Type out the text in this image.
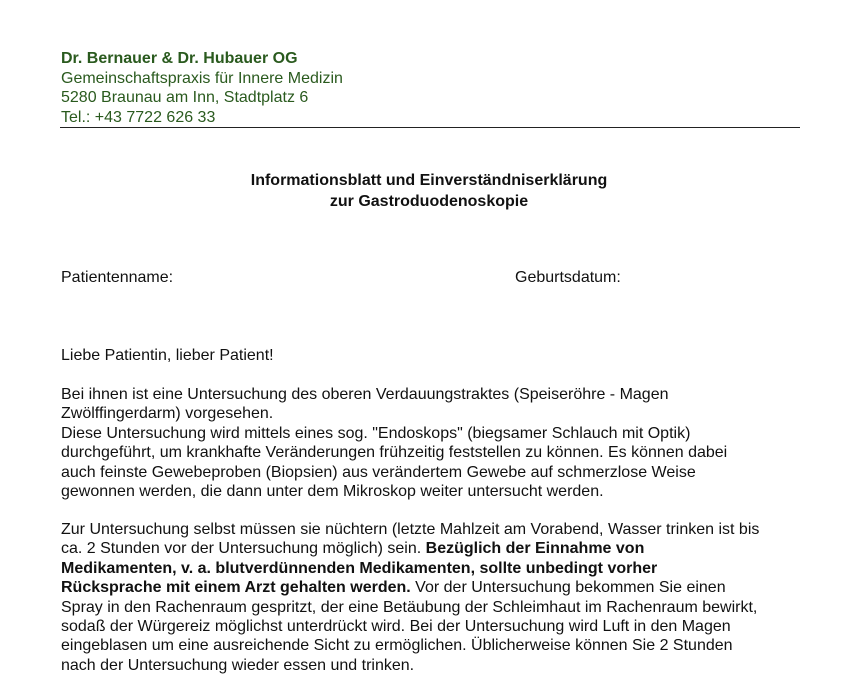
Dr. Bernauer & Dr. Hubauer OG
Gemeinschaftspraxis für Innere Medizin
5280 Braunau am Inn, Stadtplatz 6
Tel.: +43 7722 626 33
Informationsblatt und Einverständniserklärung
zur Gastroduodenoskopie
Patientenname:	Geburtsdatum:
Liebe Patientin, lieber Patient!

Bei ihnen ist eine Untersuchung des oberen Verdauungstraktes (Speiseröhre - Magen

Zwölffingerdarm) vorgesehen.

Diese Untersuchung wird mittels eines sog. "Endoskops" (biegsamer Schlauch mit Optik)

durchgeführt, um krankhafte Veränderungen frühzeitig feststellen zu können. Es können dabei

auch feinste Gewebeproben (Biopsien) aus verändertem Gewebe auf schmerzlose Weise

gewonnen werden, die dann unter dem Mikroskop weiter untersucht werden.

Zur Untersuchung selbst müssen sie nüchtern (letzte Mahlzeit am Vorabend, Wasser trinken ist bis

ca. 2 Stunden vor der Untersuchung möglich) sein. Bezüglich der Einnahme von

Medikamenten, v. a. blutverdünnenden Medikamenten, sollte unbedingt vorher

Rücksprache mit einem Arzt gehalten werden. Vor der Untersuchung bekommen Sie einen

Spray in den Rachenraum gespritzt, der eine Betäubung der Schleimhaut im Rachenraum bewirkt,

sodaß der Würgereiz möglichst unterdrückt wird. Bei der Untersuchung wird Luft in den Magen

eingeblasen um eine ausreichende Sicht zu ermöglichen. Üblicherweise können Sie 2 Stunden

nach der Untersuchung wieder essen und trinken.
